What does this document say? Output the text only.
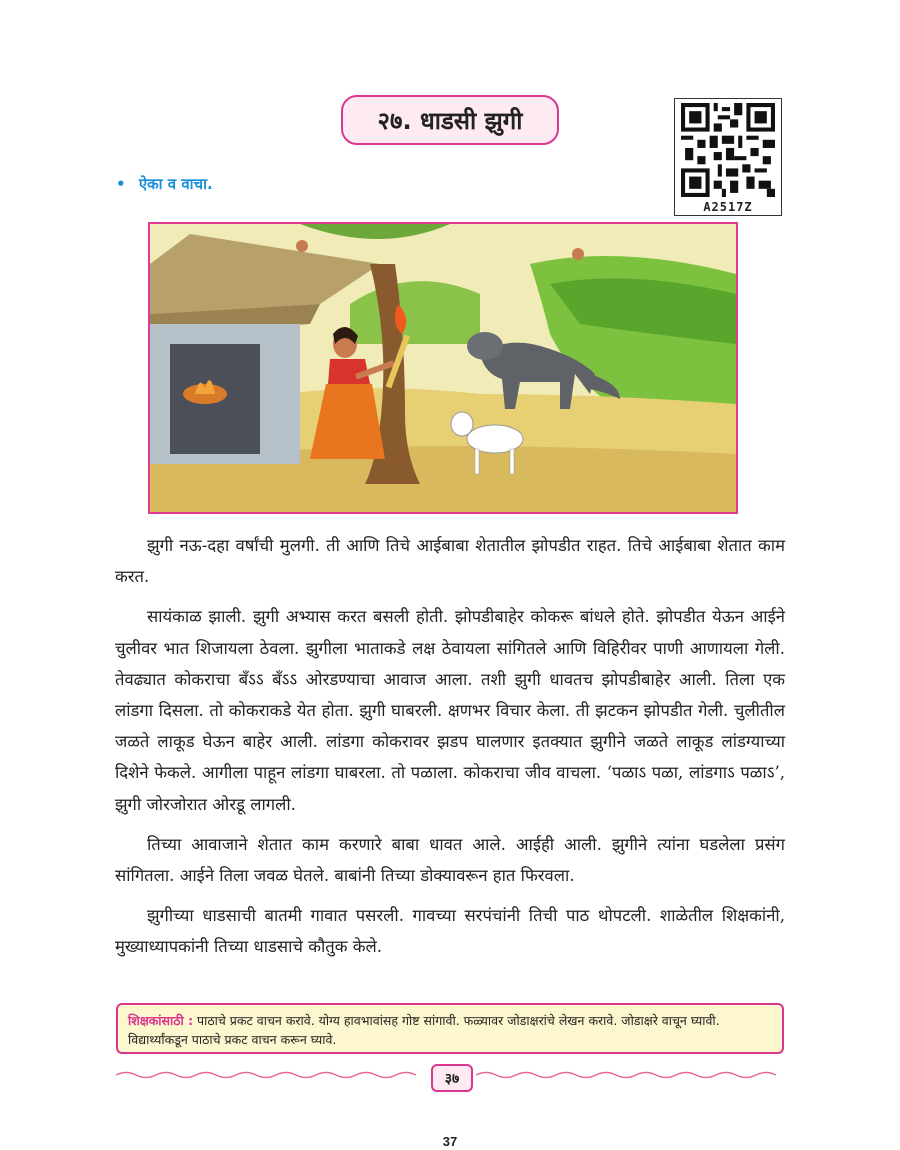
२७. धाडसी झुगी
A2517Z
• ऐका व वाचा.

झुगी नऊ-दहा वर्षांची मुलगी. ती आणि तिचे आईबाबा शेतातील झोपडीत राहत. तिचे आईबाबा शेतात काम करत.

सायंकाळ झाली. झुगी अभ्यास करत बसली होती. झोपडीबाहेर कोकरू बांधले होते. झोपडीत येऊन आईने चुलीवर भात शिजायला ठेवला. झुगीला भाताकडे लक्ष ठेवायला सांगितले आणि विहिरीवर पाणी आणायला गेली. तेवढ्यात कोकराचा बँऽऽ बँऽऽ ओरडण्याचा आवाज आला. तशी झुगी धावतच झोपडीबाहेर आली. तिला एक लांडगा दिसला. तो कोकराकडे येत होता. झुगी घाबरली. क्षणभर विचार केला. ती झटकन झोपडीत गेली. चुलीतील जळते लाकूड घेऊन बाहेर आली. लांडगा कोकरावर झडप घालणार इतक्यात झुगीने जळते लाकूड लांडग्याच्या दिशेने फेकले. आगीला पाहून लांडगा घाबरला. तो पळाला. कोकराचा जीव वाचला. ‘पळाऽ पळा, लांडगाऽ पळाऽ’, झुगी जोरजोरात ओरडू लागली.

तिच्या आवाजाने शेतात काम करणारे बाबा धावत आले. आईही आली. झुगीने त्यांना घडलेला प्रसंग सांगितला. आईने तिला जवळ घेतले. बाबांनी तिच्या डोक्यावरून हात फिरवला.

झुगीच्या धाडसाची बातमी गावात पसरली. गावच्या सरपंचांनी तिची पाठ थोपटली. शाळेतील शिक्षकांनी, मुख्याध्यापकांनी तिच्या धाडसाचे कौतुक केले.

शिक्षकांसाठी : पाठाचे प्रकट वाचन करावे. योग्य हावभावांसह गोष्ट सांगावी. फळ्यावर जोडाक्षरांचे लेखन करावे. जोडाक्षरे वाचून घ्यावी. विद्यार्थ्यांकडून पाठाचे प्रकट वाचन करून घ्यावे.
३७
37
